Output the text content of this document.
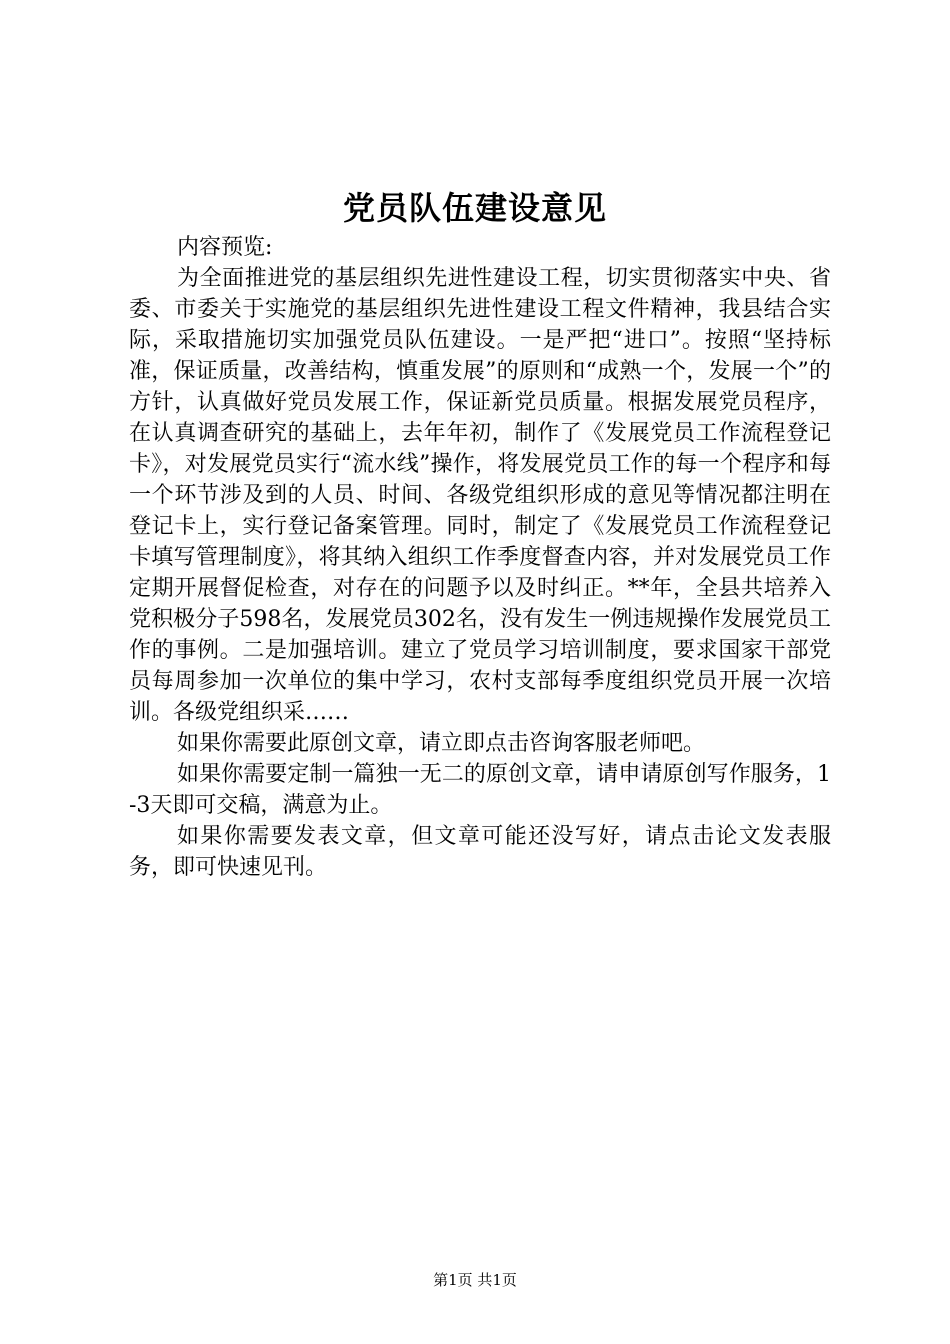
党员队伍建设意见

内容预览:

为全面推进党的基层组织先进性建设工程，切实贯彻落实中央、省委、市委关于实施党的基层组织先进性建设工程文件精神，我县结合实际，采取措施切实加强党员队伍建设。一是严把“进口”。按照“坚持标准，保证质量，改善结构，慎重发展”的原则和“成熟一个，发展一个”的方针，认真做好党员发展工作，保证新党员质量。根据发展党员程序，在认真调查研究的基础上，去年年初，制作了《发展党员工作流程登记卡》，对发展党员实行“流水线”操作，将发展党员工作的每一个程序和每一个环节涉及到的人员、时间、各级党组织形成的意见等情况都注明在登记卡上，实行登记备案管理。同时，制定了《发展党员工作流程登记卡填写管理制度》，将其纳入组织工作季度督查内容，并对发展党员工作定期开展督促检查，对存在的问题予以及时纠正。**年，全县共培养入党积极分子598名，发展党员302名，没有发生一例违规操作发展党员工作的事例。二是加强培训。建立了党员学习培训制度，要求国家干部党员每周参加一次单位的集中学习，农村支部每季度组织党员开展一次培训。各级党组织采……

如果你需要此原创文章，请立即点击咨询客服老师吧。

如果你需要定制一篇独一无二的原创文章，请申请原创写作服务，1-3天即可交稿，满意为止。

如果你需要发表文章，但文章可能还没写好，请点击论文发表服务，即可快速见刊。

第1页 共1页
